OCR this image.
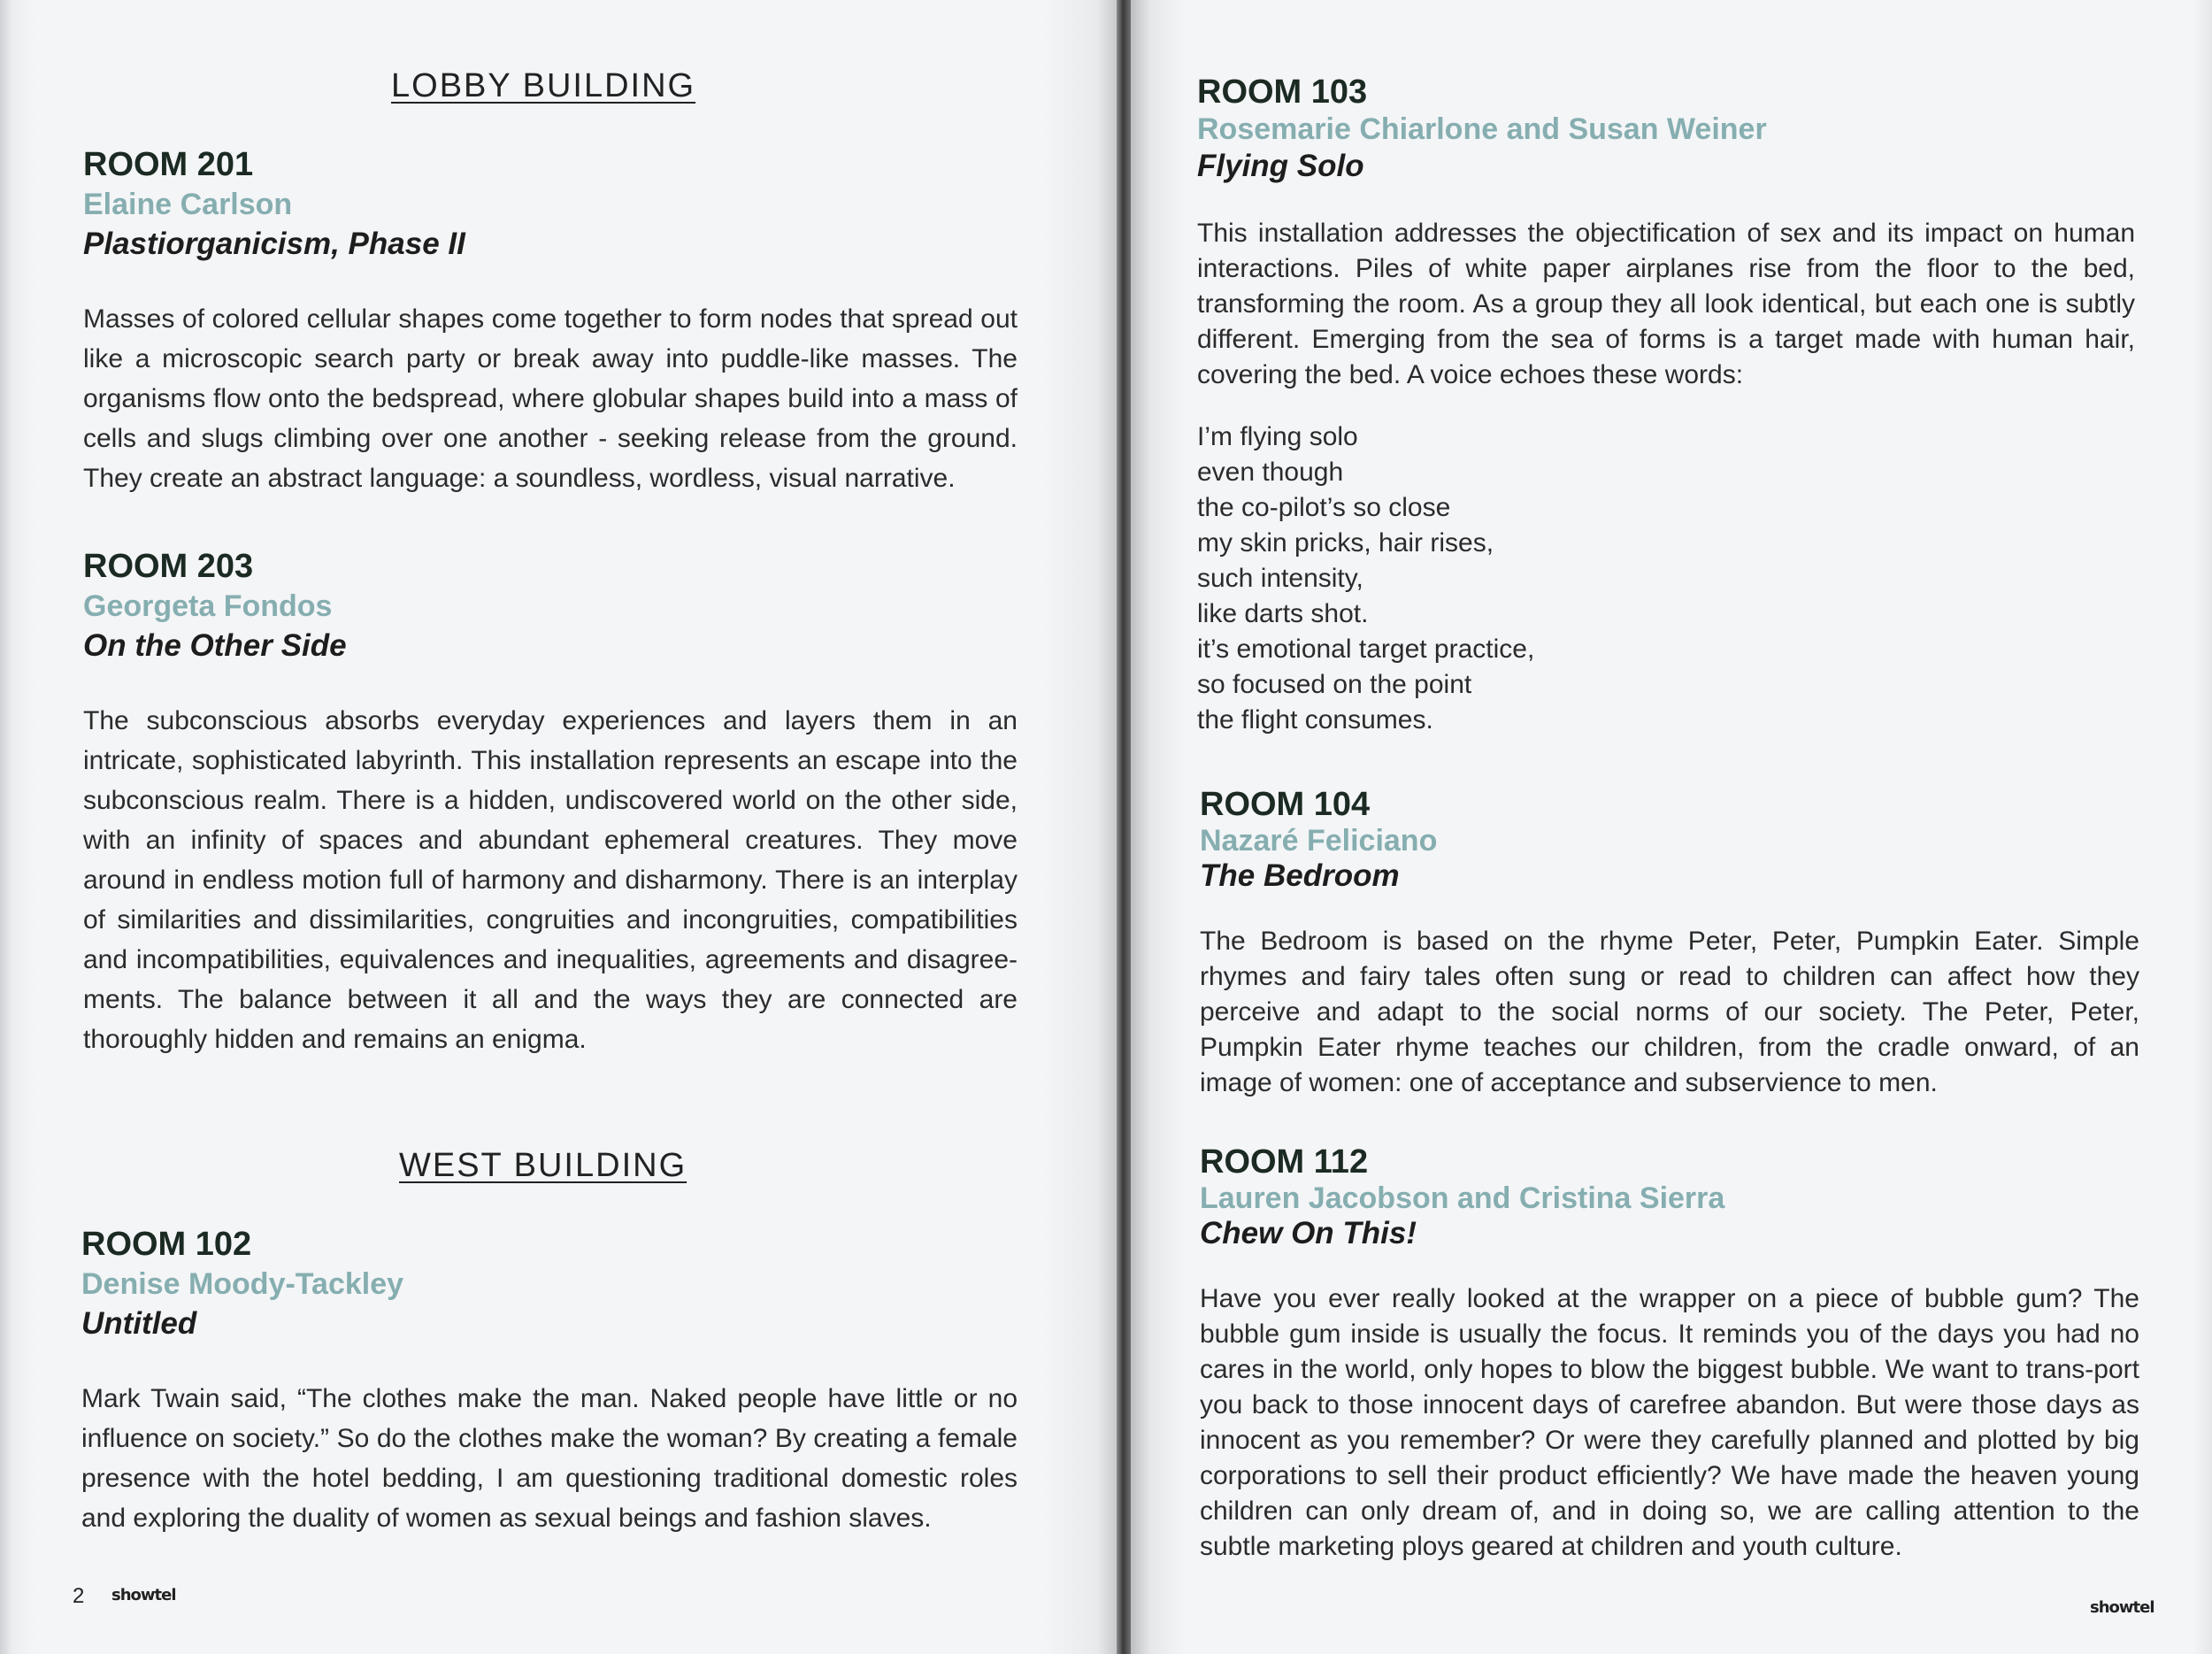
LOBBY BUILDING
ROOM 201
Elaine Carlson
Plastiorganicism, Phase II
Masses of colored cellular shapes come together to form nodes that spread out like a microscopic search party or break away into puddle-like masses. The organisms flow onto the bedspread, where globular shapes build into a mass of cells and slugs climbing over one another - seeking release from the ground. They create an abstract language: a soundless, wordless, visual narrative.
ROOM 203
Georgeta Fondos
On the Other Side
The subconscious absorbs everyday experiences and layers them in an intricate, sophisticated labyrinth. This installation represents an escape into the subconscious realm. There is a hidden, undiscovered world on the other side, with an infinity of spaces and abundant ephemeral creatures. They move around in endless motion full of harmony and disharmony. There is an interplay of similarities and dissimilarities, congruities and incongruities, compatibilities and incompatibilities, equivalences and inequalities, agreements and disagree-ments. The balance between it all and the ways they are connected are thoroughly hidden and remains an enigma.
WEST BUILDING
ROOM 102
Denise Moody-Tackley
Untitled
Mark Twain said, “The clothes make the man. Naked people have little or no influence on society.” So do the clothes make the woman? By creating a female presence with the hotel bedding, I am questioning traditional domestic roles and exploring the duality of women as sexual beings and fashion slaves.
2 showtel
ROOM 103
Rosemarie Chiarlone and Susan Weiner
Flying Solo
This installation addresses the objectification of sex and its impact on human interactions. Piles of white paper airplanes rise from the floor to the bed, transforming the room. As a group they all look identical, but each one is subtly different. Emerging from the sea of forms is a target made with human hair, covering the bed. A voice echoes these words:
I’m flying solo
even though
the co-pilot’s so close
my skin pricks, hair rises,
such intensity,
like darts shot.
it’s emotional target practice,
so focused on the point
the flight consumes.
ROOM 104
Nazaré Feliciano
The Bedroom
The Bedroom is based on the rhyme Peter, Peter, Pumpkin Eater. Simple rhymes and fairy tales often sung or read to children can affect how they perceive and adapt to the social norms of our society. The Peter, Peter, Pumpkin Eater rhyme teaches our children, from the cradle onward, of an image of women: one of acceptance and subservience to men.
ROOM 112
Lauren Jacobson and Cristina Sierra
Chew On This!
Have you ever really looked at the wrapper on a piece of bubble gum? The bubble gum inside is usually the focus. It reminds you of the days you had no cares in the world, only hopes to blow the biggest bubble. We want to trans-port you back to those innocent days of carefree abandon. But were those days as innocent as you remember? Or were they carefully planned and plotted by big corporations to sell their product efficiently? We have made the heaven young children can only dream of, and in doing so, we are calling attention to the subtle marketing ploys geared at children and youth culture.
showtel
